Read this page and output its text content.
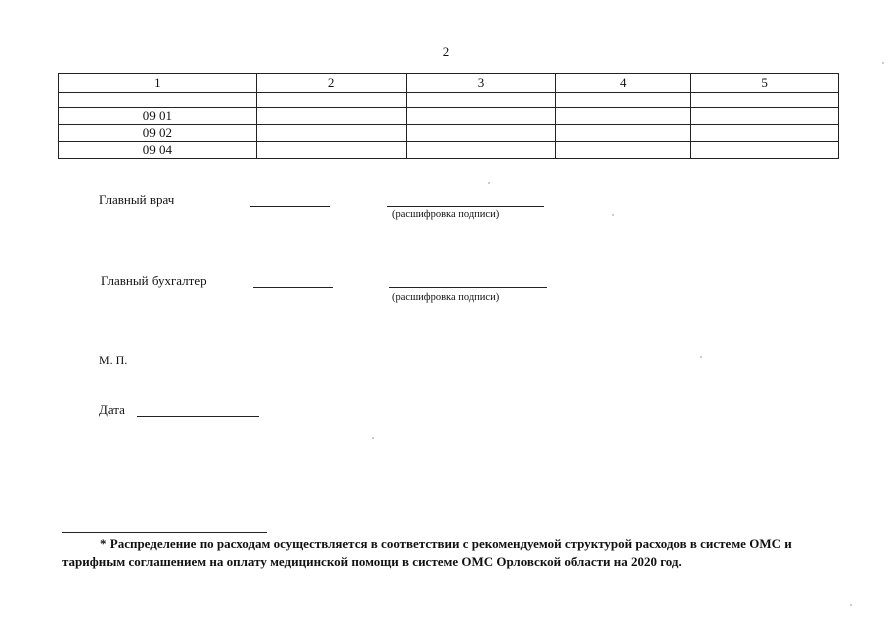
2
1	2	3	4	5

09 01				
09 02				
09 04				
Главный врач
(расшифровка подписи)
Главный бухгалтер
(расшифровка подписи)
М. П.
Дата
* Распределение по расходам осуществляется в соответствии с рекомендуемой структурой расходов в системе ОМС и тарифным соглашением на оплату медицинской помощи в системе ОМС Орловской области на 2020 год.
